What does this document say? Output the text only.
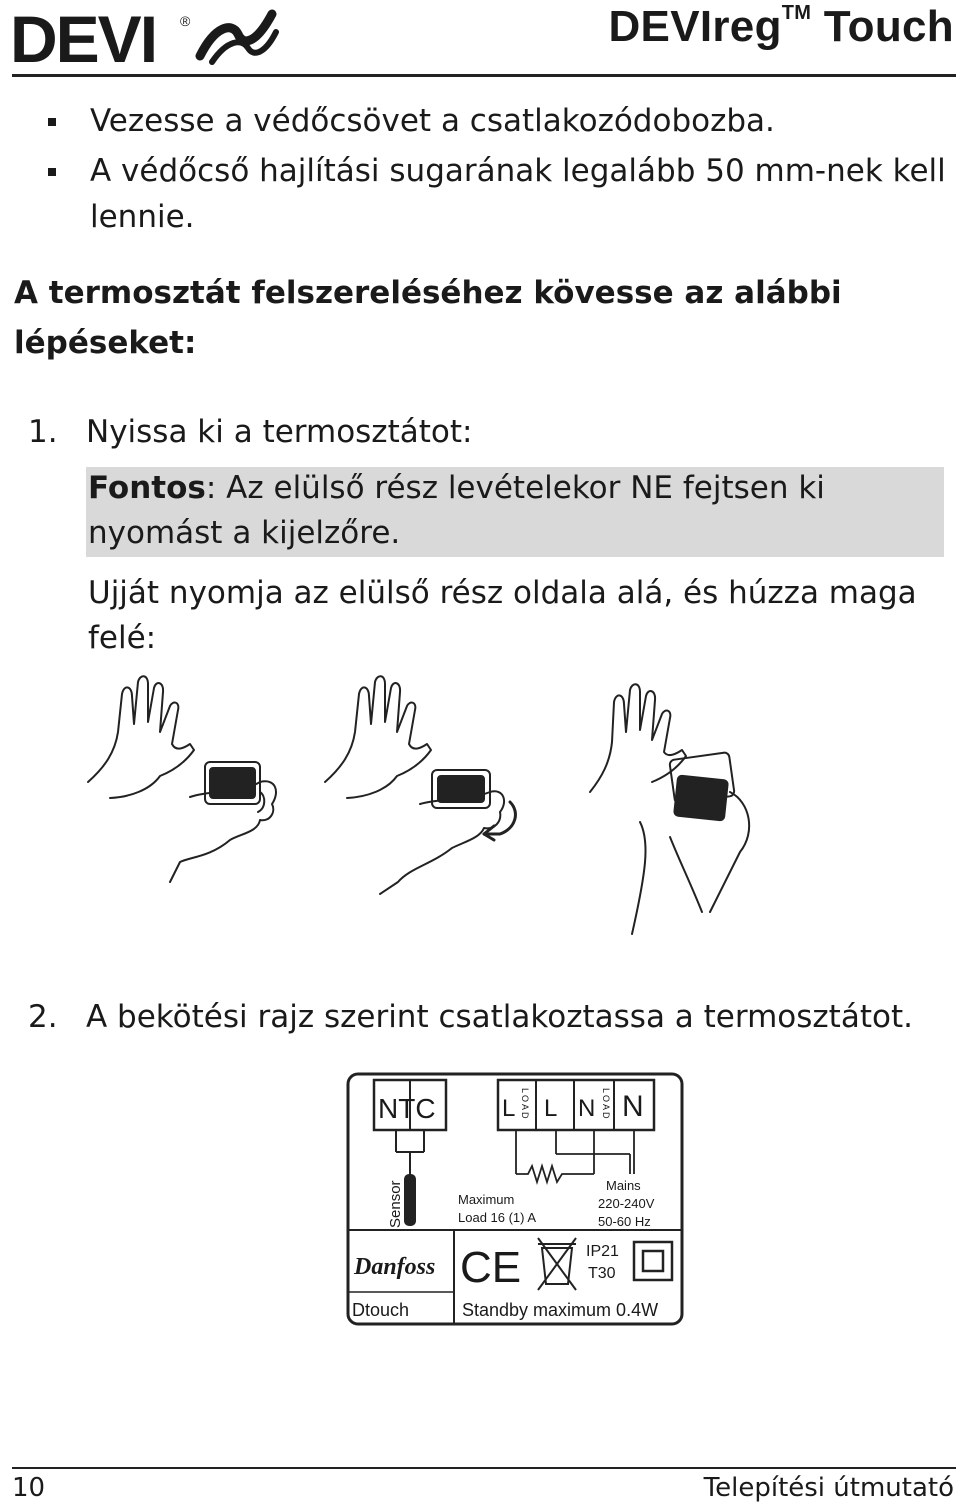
DEVI ®	DEVIreg™ Touch
Vezesse a védőcsövet a csatlakozódobozba.
A védőcső hajlítási sugarának legalább 50 mm-nek kell lennie.
A termosztát felszereléséhez kövesse az alábbi lépéseket:
1. Nyissa ki a termosztátot:
Fontos: Az elülső rész levételekor NE fejtsen ki nyomást a kijelzőre.
Ujját nyomja az elülső rész oldala alá, és húzza maga felé:
2. A bekötési rajz szerint csatlakoztassa a termosztátot.
NTC
Sensor
L L N N
LOAD	LOAD
Maximum
Load 16 (1) A
Mains
220-240V
50-60 Hz
Danfoss CE	IP21
T30
Dtouch	Standby maximum 0.4W
10	Telepítési útmutató
